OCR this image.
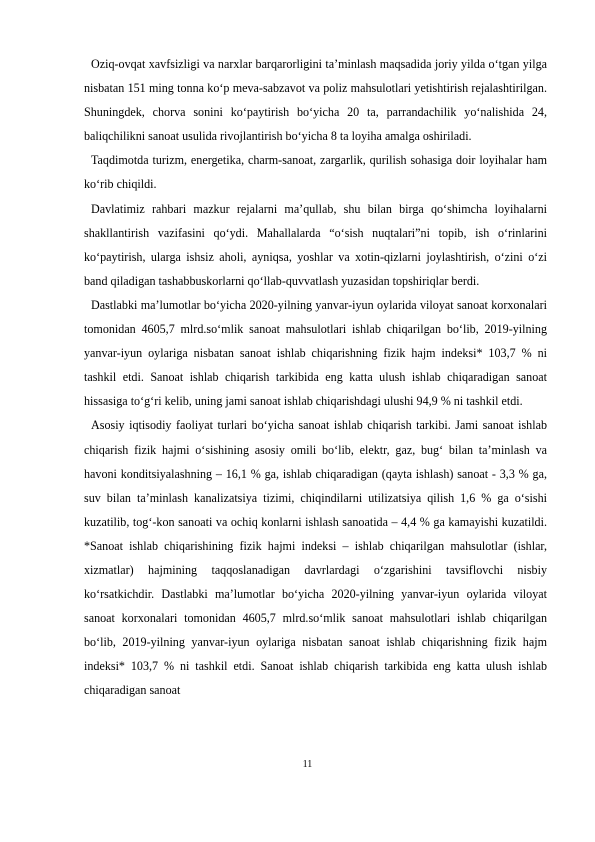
Oziq-ovqat xavfsizligi va narxlar barqarorligini ta’minlash maqsadida joriy yilda o‘tgan yilga nisbatan 151 ming tonna ko‘p meva-sabzavot va poliz mahsulotlari yetishtirish rejalashtirilgan. Shuningdek, chorva sonini ko‘paytirish bo‘yicha 20 ta, parrandachilik yo‘nalishida 24, baliqchilikni sanoat usulida rivojlantirish bo‘yicha 8 ta loyiha amalga oshiriladi.

Taqdimotda turizm, energetika, charm-sanoat, zargarlik, qurilish sohasiga doir loyihalar ham ko‘rib chiqildi.

Davlatimiz rahbari mazkur rejalarni ma’qullab, shu bilan birga qo‘shimcha loyihalarni shakllantirish vazifasini qo‘ydi. Mahallalarda “o‘sish nuqtalari”ni topib, ish o‘rinlarini ko‘paytirish, ularga ishsiz aholi, ayniqsa, yoshlar va xotin-qizlarni joylashtirish, o‘zini o‘zi band qiladigan tashabbuskorlarni qo‘llab-quvvatlash yuzasidan topshiriqlar berdi.

Dastlabki ma’lumotlar bo‘yicha 2020-yilning yanvar-iyun oylarida viloyat sanoat korxonalari tomonidan 4605,7 mlrd.so‘mlik sanoat mahsulotlari ishlab chiqarilgan bo‘lib, 2019-yilning yanvar-iyun oylariga nisbatan sanoat ishlab chiqarishning fizik hajm indeksi* 103,7 % ni tashkil etdi. Sanoat ishlab chiqarish tarkibida eng katta ulush ishlab chiqaradigan sanoat hissasiga to‘g‘ri kelib, uning jami sanoat ishlab chiqarishdagi ulushi 94,9 % ni tashkil etdi.

Asosiy iqtisodiy faoliyat turlari bo‘yicha sanoat ishlab chiqarish tarkibi. Jami sanoat ishlab chiqarish fizik hajmi o‘sishining asosiy omili bo‘lib, elektr, gaz, bug‘ bilan ta’minlash va havoni konditsiyalashning – 16,1 % ga, ishlab chiqaradigan (qayta ishlash) sanoat - 3,3 % ga, suv bilan ta’minlash kanalizatsiya tizimi, chiqindilarni utilizatsiya qilish 1,6 % ga o‘sishi kuzatilib, tog‘-kon sanoati va ochiq konlarni ishlash sanoatida – 4,4 % ga kamayishi kuzatildi. *Sanoat ishlab chiqarishining fizik hajmi indeksi – ishlab chiqarilgan mahsulotlar (ishlar, xizmatlar) hajmining taqqoslanadigan davrlardagi o‘zgarishini tavsiflovchi nisbiy ko‘rsatkichdir. Dastlabki ma’lumotlar bo‘yicha 2020-yilning yanvar-iyun oylarida viloyat sanoat korxonalari tomonidan 4605,7 mlrd.so‘mlik sanoat mahsulotlari ishlab chiqarilgan bo‘lib, 2019-yilning yanvar-iyun oylariga nisbatan sanoat ishlab chiqarishning fizik hajm indeksi* 103,7 % ni tashkil etdi. Sanoat ishlab chiqarish tarkibida eng katta ulush ishlab chiqaradigan sanoat

11
